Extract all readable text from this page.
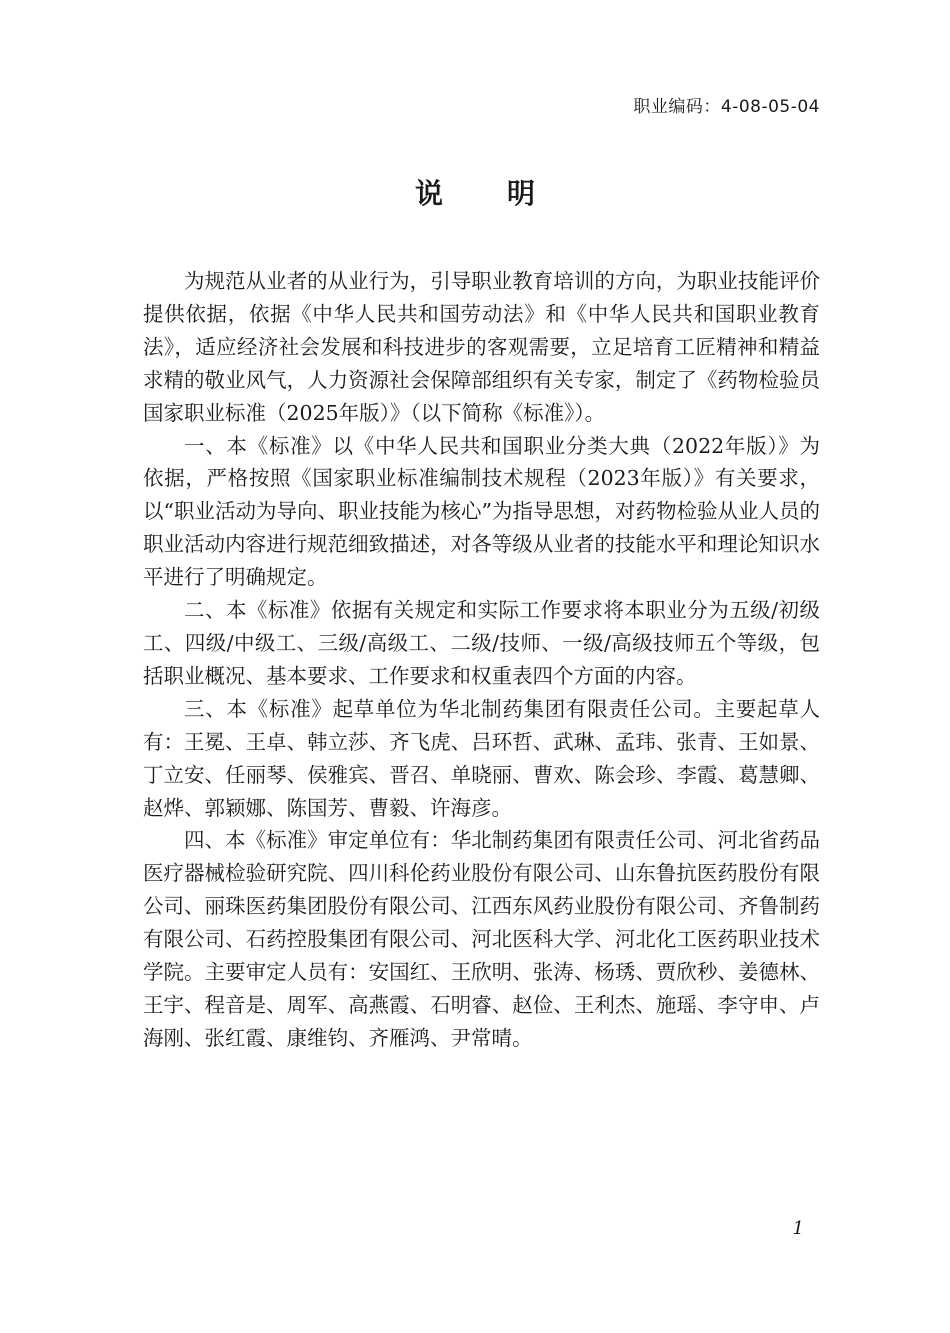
职业编码：4-08-05-04
说明

为规范从业者的从业行为，引导职业教育培训的方向，为职业技能评价提供依据，依据《中华人民共和国劳动法》和《中华人民共和国职业教育法》，适应经济社会发展和科技进步的客观需要，立足培育工匠精神和精益求精的敬业风气，人力资源社会保障部组织有关专家，制定了《药物检验员国家职业标准（2025年版）》（以下简称《标准》）。

一、本《标准》以《中华人民共和国职业分类大典（2022年版）》为依据，严格按照《国家职业标准编制技术规程（2023年版）》有关要求，以“职业活动为导向、职业技能为核心”为指导思想，对药物检验从业人员的职业活动内容进行规范细致描述，对各等级从业者的技能水平和理论知识水平进行了明确规定。

二、本《标准》依据有关规定和实际工作要求将本职业分为五级/初级工、四级/中级工、三级/高级工、二级/技师、一级/高级技师五个等级，包括职业概况、基本要求、工作要求和权重表四个方面的内容。

三、本《标准》起草单位为华北制药集团有限责任公司。主要起草人有：王冕、王卓、韩立莎、齐飞虎、吕环哲、武琳、孟玮、张青、王如景、丁立安、任丽琴、侯雅宾、晋召、单晓丽、曹欢、陈会珍、李霞、葛慧卿、赵烨、郭颖娜、陈国芳、曹毅、许海彦。

四、本《标准》审定单位有：华北制药集团有限责任公司、河北省药品医疗器械检验研究院、四川科伦药业股份有限公司、山东鲁抗医药股份有限公司、丽珠医药集团股份有限公司、江西东风药业股份有限公司、齐鲁制药有限公司、石药控股集团有限公司、河北医科大学、河北化工医药职业技术学院。主要审定人员有：安国红、王欣明、张涛、杨琇、贾欣秒、姜德林、王宇、程音是、周军、高燕霞、石明睿、赵俭、王利杰、施瑶、李守申、卢海刚、张红霞、康维钧、齐雁鸿、尹常晴。

1
